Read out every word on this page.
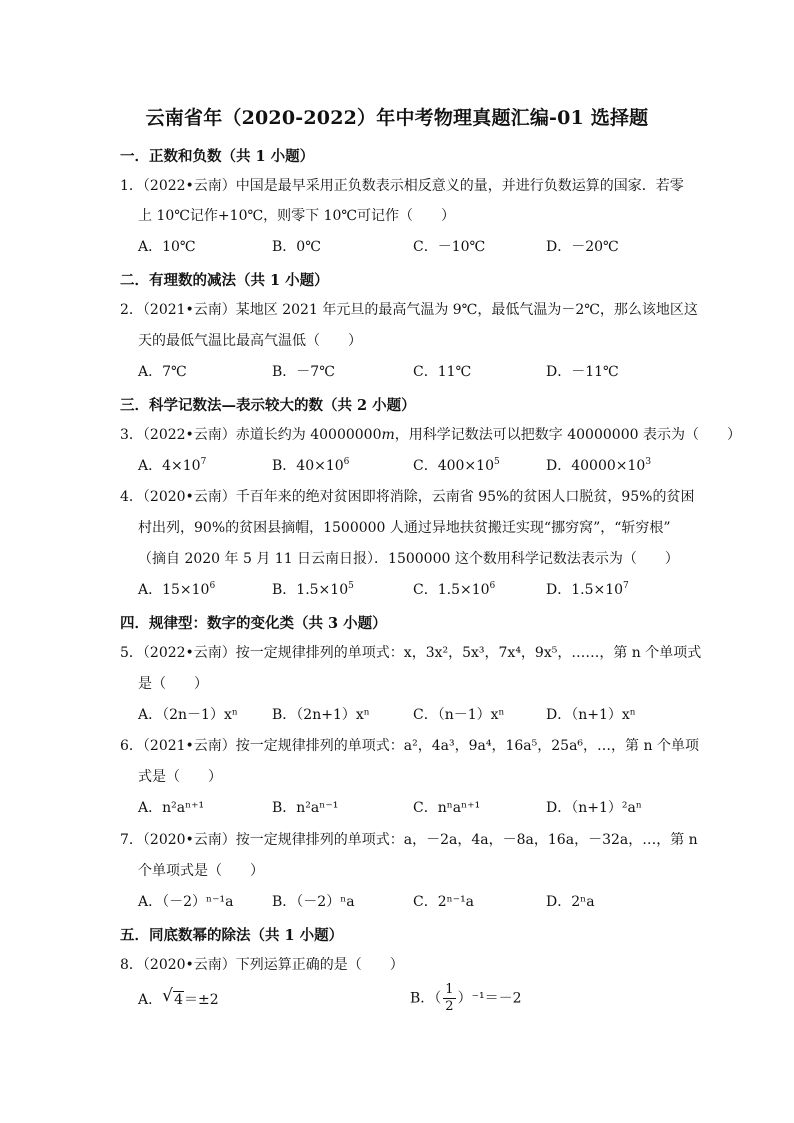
云南省年（2020-2022）年中考物理真题汇编-01 选择题
一．正数和负数（共 1 小题）
1．（2022•云南）中国是最早采用正负数表示相反意义的量，并进行负数运算的国家．若零
上 10℃记作+10℃，则零下 10℃可记作（　　）
A．10℃	B．0℃	C．－10℃	D．－20℃
二．有理数的减法（共 1 小题）
2．（2021•云南）某地区 2021 年元旦的最高气温为 9℃，最低气温为－2℃，那么该地区这
天的最低气温比最高气温低（　　）
A．7℃	B．－7℃	C．11℃	D．－11℃
三．科学记数法—表示较大的数（共 2 小题）
3．（2022•云南）赤道长约为 40000000m，用科学记数法可以把数字 40000000 表示为（　　）
A．$4\times 10^7$	B．$40\times 10^6$	C．$400\times 10^5$	D．$40000\times 10^3$
4．（2020•云南）千百年来的绝对贫困即将消除，云南省 95%的贫困人口脱贫，95%的贫困
村出列，90%的贫困县摘帽，1500000 人通过异地扶贫搬迁实现“挪穷窝”，“斩穷根”
（摘自 2020 年 5 月 11 日云南日报）．1500000 这个数用科学记数法表示为（　　）
A．$15\times 10^6$	B．$1.5\times 10^5$	C．$1.5\times 10^6$	D．$1.5\times 10^7$
四．规律型：数字的变化类（共 3 小题）
5．（2022•云南）按一定规律排列的单项式：x，3x²，5x³，7x⁴，9x⁵，……，第 n 个单项式
是（　　）
A．（2n－1）xⁿ B．（2n+1）xⁿ	C．（n－1）xⁿ	D．（n+1）xⁿ
6．（2021•云南）按一定规律排列的单项式：a²，4a³，9a⁴，16a⁵，25a⁶，…，第 n 个单项
式是（　　）
A．n²aⁿ⁺¹	B．n²aⁿ⁻¹	C．nⁿaⁿ⁺¹	D．（n+1）²aⁿ
7．（2020•云南）按一定规律排列的单项式：a，－2a，4a，－8a，16a，－32a，…，第 n
个单项式是（　　）
A．（－2）ⁿ⁻¹a	B．（－2）ⁿa	C．2ⁿ⁻¹a	D．2ⁿa
五．同底数幂的除法（共 1 小题）
8．（2020•云南）下列运算正确的是（　　）
A． √ 4＝±2	B．（ $\frac{1}{2} )^{-1}=-2$
